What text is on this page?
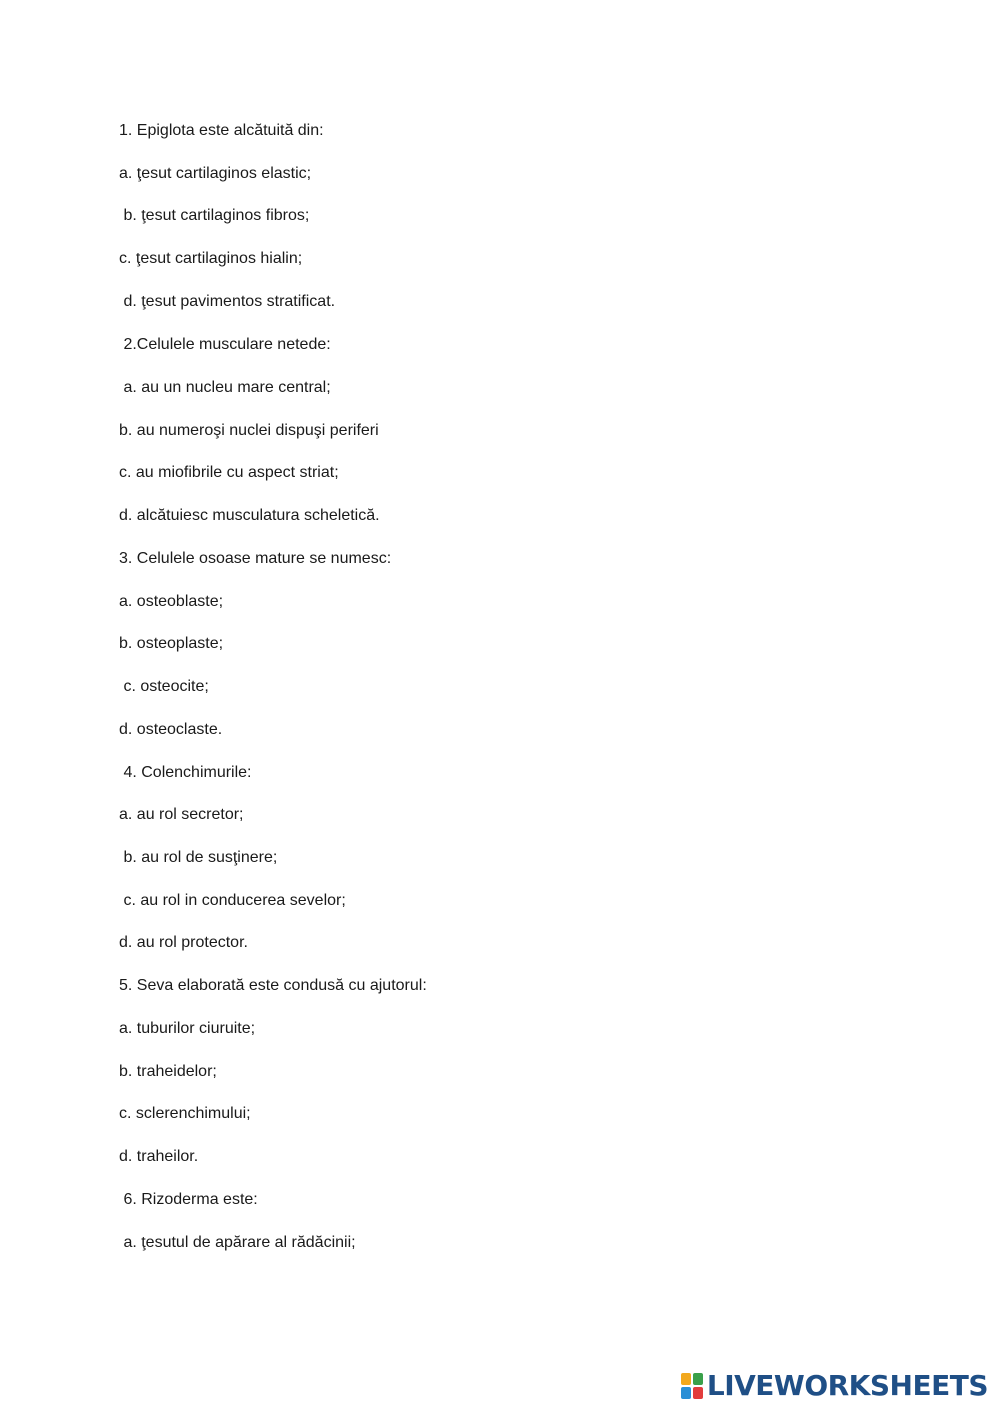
1. Epiglota este alcătuită din:
a. ţesut cartilaginos elastic;
b. ţesut cartilaginos fibros;
c. ţesut cartilaginos hialin;
d. ţesut pavimentos stratificat.
2.Celulele musculare netede:
a. au un nucleu mare central;
b. au numeroşi nuclei dispuşi periferi
c. au miofibrile cu aspect striat;
d. alcătuiesc musculatura scheletică.
3. Celulele osoase mature se numesc:
a. osteoblaste;
b. osteoplaste;
c. osteocite;
d. osteoclaste.
4. Colenchimurile:
a. au rol secretor;
b. au rol de susţinere;
c. au rol in conducerea sevelor;
d. au rol protector.
5. Seva elaborată este condusă cu ajutorul:
a. tuburilor ciuruite;
b. traheidelor;
c. sclerenchimului;
d. traheilor.
6. Rizoderma este:
a. ţesutul de apărare al rădăcinii;
LIVEWORKSHEETS
